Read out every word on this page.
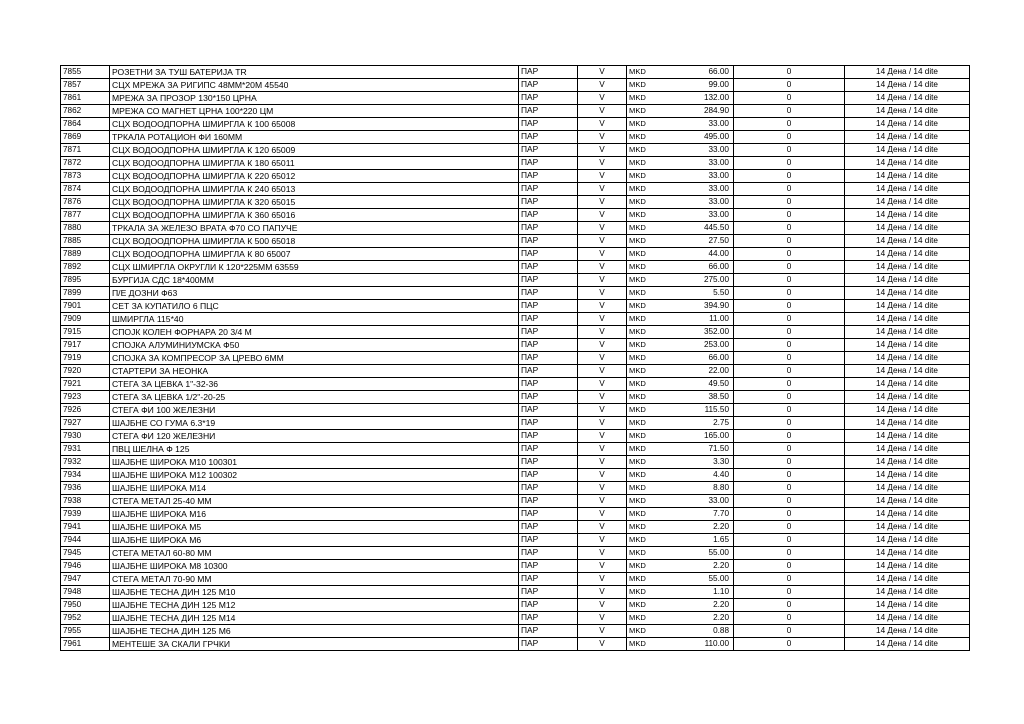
7855	РОЗЕТНИ ЗА ТУШ БАТЕРИЈА TR	ПАР	V	MKD	66.00	0	14 Дена / 14 dite
7857	СЦХ МРЕЖА ЗА РИГИПС 48ММ*20М 45540	ПАР	V	MKD	99.00	0	14 Дена / 14 dite
7861	МРЕЖА ЗА ПРОЗОР 130*150 ЦРНА	ПАР	V	MKD	132.00	0	14 Дена / 14 dite
7862	МРЕЖА СО МАГНЕТ ЦРНА 100*220 ЦМ	ПАР	V	MKD	284.90	0	14 Дена / 14 dite
7864	СЦХ ВОДООДПОРНА ШМИРГЛА К 100 65008	ПАР	V	MKD	33.00	0	14 Дена / 14 dite
7869	ТРКАЛА РОТАЦИОН ФИ 160ММ	ПАР	V	MKD	495.00	0	14 Дена / 14 dite
7871	СЦХ ВОДООДПОРНА ШМИРГЛА К 120 65009	ПАР	V	MKD	33.00	0	14 Дена / 14 dite
7872	СЦХ ВОДООДПОРНА ШМИРГЛА К 180 65011	ПАР	V	MKD	33.00	0	14 Дена / 14 dite
7873	СЦХ ВОДООДПОРНА ШМИРГЛА К 220 65012	ПАР	V	MKD	33.00	0	14 Дена / 14 dite
7874	СЦХ ВОДООДПОРНА ШМИРГЛА К 240 65013	ПАР	V	MKD	33.00	0	14 Дена / 14 dite
7876	СЦХ ВОДООДПОРНА ШМИРГЛА К 320 65015	ПАР	V	MKD	33.00	0	14 Дена / 14 dite
7877	СЦХ ВОДООДПОРНА ШМИРГЛА К 360 65016	ПАР	V	MKD	33.00	0	14 Дена / 14 dite
7880	ТРКАЛА ЗА ЖЕЛЕЗО ВРАТА Ф70 СО ПАПУЧЕ	ПАР	V	MKD	445.50	0	14 Дена / 14 dite
7885	СЦХ ВОДООДПОРНА ШМИРГЛА К 500 65018	ПАР	V	MKD	27.50	0	14 Дена / 14 dite
7889	СЦХ ВОДООДПОРНА ШМИРГЛА К 80 65007	ПАР	V	MKD	44.00	0	14 Дена / 14 dite
7892	СЦХ ШМИРГЛА ОКРУГЛИ К 120*225ММ 63559	ПАР	V	MKD	66.00	0	14 Дена / 14 dite
7895	БУРГИЈА СДС 18*400ММ	ПАР	V	MKD	275.00	0	14 Дена / 14 dite
7899	П/Е ДОЗНИ Ф63	ПАР	V	MKD	5.50	0	14 Дена / 14 dite
7901	СЕТ ЗА КУПАТИЛО 6 ПЦС	ПАР	V	MKD	394.90	0	14 Дена / 14 dite
7909	ШМИРГЛА 115*40	ПАР	V	MKD	11.00	0	14 Дена / 14 dite
7915	СПОЈК КОЛЕН ФОРНАРА 20 3/4 М	ПАР	V	MKD	352.00	0	14 Дена / 14 dite
7917	СПОЈКА АЛУМИНИУМСКА Ф50	ПАР	V	MKD	253.00	0	14 Дена / 14 dite
7919	СПОЈКА ЗА КОМПРЕСОР ЗА ЦРЕВО 6ММ	ПАР	V	MKD	66.00	0	14 Дена / 14 dite
7920	СТАРТЕРИ ЗА НЕОНКА	ПАР	V	MKD	22.00	0	14 Дена / 14 dite
7921	СТЕГА ЗА ЦЕВКА 1"-32-36	ПАР	V	MKD	49.50	0	14 Дена / 14 dite
7923	СТЕГА ЗА ЦЕВКА 1/2"-20-25	ПАР	V	MKD	38.50	0	14 Дена / 14 dite
7926	СТЕГА ФИ 100 ЖЕЛЕЗНИ	ПАР	V	MKD	115.50	0	14 Дена / 14 dite
7927	ШАЈБНЕ СО ГУМА 6.3*19	ПАР	V	MKD	2.75	0	14 Дена / 14 dite
7930	СТЕГА ФИ 120 ЖЕЛЕЗНИ	ПАР	V	MKD	165.00	0	14 Дена / 14 dite
7931	ПВЦ ШЕЛНА Ф 125	ПАР	V	MKD	71.50	0	14 Дена / 14 dite
7932	ШАЈБНЕ ШИРОКА М10 100301	ПАР	V	MKD	3.30	0	14 Дена / 14 dite
7934	ШАЈБНЕ ШИРОКА М12 100302	ПАР	V	MKD	4.40	0	14 Дена / 14 dite
7936	ШАЈБНЕ ШИРОКА М14	ПАР	V	MKD	8.80	0	14 Дена / 14 dite
7938	СТЕГА МЕТАЛ 25-40 ММ	ПАР	V	MKD	33.00	0	14 Дена / 14 dite
7939	ШАЈБНЕ ШИРОКА М16	ПАР	V	MKD	7.70	0	14 Дена / 14 dite
7941	ШАЈБНЕ ШИРОКА М5	ПАР	V	MKD	2.20	0	14 Дена / 14 dite
7944	ШАЈБНЕ ШИРОКА М6	ПАР	V	MKD	1.65	0	14 Дена / 14 dite
7945	СТЕГА МЕТАЛ 60-80 ММ	ПАР	V	MKD	55.00	0	14 Дена / 14 dite
7946	ШАЈБНЕ ШИРОКА М8 10300	ПАР	V	MKD	2.20	0	14 Дена / 14 dite
7947	СТЕГА МЕТАЛ 70-90 ММ	ПАР	V	MKD	55.00	0	14 Дена / 14 dite
7948	ШАЈБНЕ ТЕСНА ДИН 125 М10	ПАР	V	MKD	1.10	0	14 Дена / 14 dite
7950	ШАЈБНЕ ТЕСНА ДИН 125 М12	ПАР	V	MKD	2.20	0	14 Дена / 14 dite
7952	ШАЈБНЕ ТЕСНА ДИН 125 М14	ПАР	V	MKD	2.20	0	14 Дена / 14 dite
7955	ШАЈБНЕ ТЕСНА ДИН 125 М6	ПАР	V	MKD	0.88	0	14 Дена / 14 dite
7961	МЕНТЕШЕ ЗА СКАЛИ ГРЧКИ	ПАР	V	MKD	110.00	0	14 Дена / 14 dite
